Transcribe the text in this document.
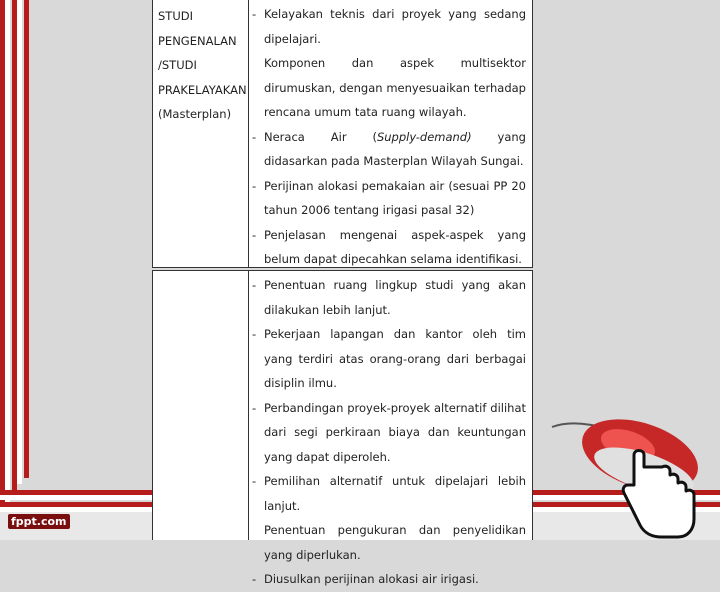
fppt.com
STUDI
PENGENALAN
/STUDI
PRAKELAYAKAN
(Masterplan)
- Kelayakan teknis dari proyek yang sedang dipelajari.
Komponen dan aspek multisektor dirumuskan, dengan menyesuaikan terhadap rencana umum tata ruang wilayah.
- Neraca Air (Supply-demand) yang didasarkan pada Masterplan Wilayah Sungai.
- Perijinan alokasi pemakaian air (sesuai PP 20 tahun 2006 tentang irigasi pasal 32)
- Penjelasan mengenai aspek-aspek yang belum dapat dipecahkan selama identifikasi.
- Penentuan ruang lingkup studi yang akan dilakukan lebih lanjut.
- Pekerjaan lapangan dan kantor oleh tim yang terdiri atas orang-orang dari berbagai disiplin ilmu.
- Perbandingan proyek-proyek alternatif dilihat dari segi perkiraan biaya dan keuntungan yang dapat diperoleh.
- Pemilihan alternatif untuk dipelajari lebih lanjut.
Penentuan pengukuran dan penyelidikan yang diperlukan.
- Diusulkan perijinan alokasi air irigasi.
